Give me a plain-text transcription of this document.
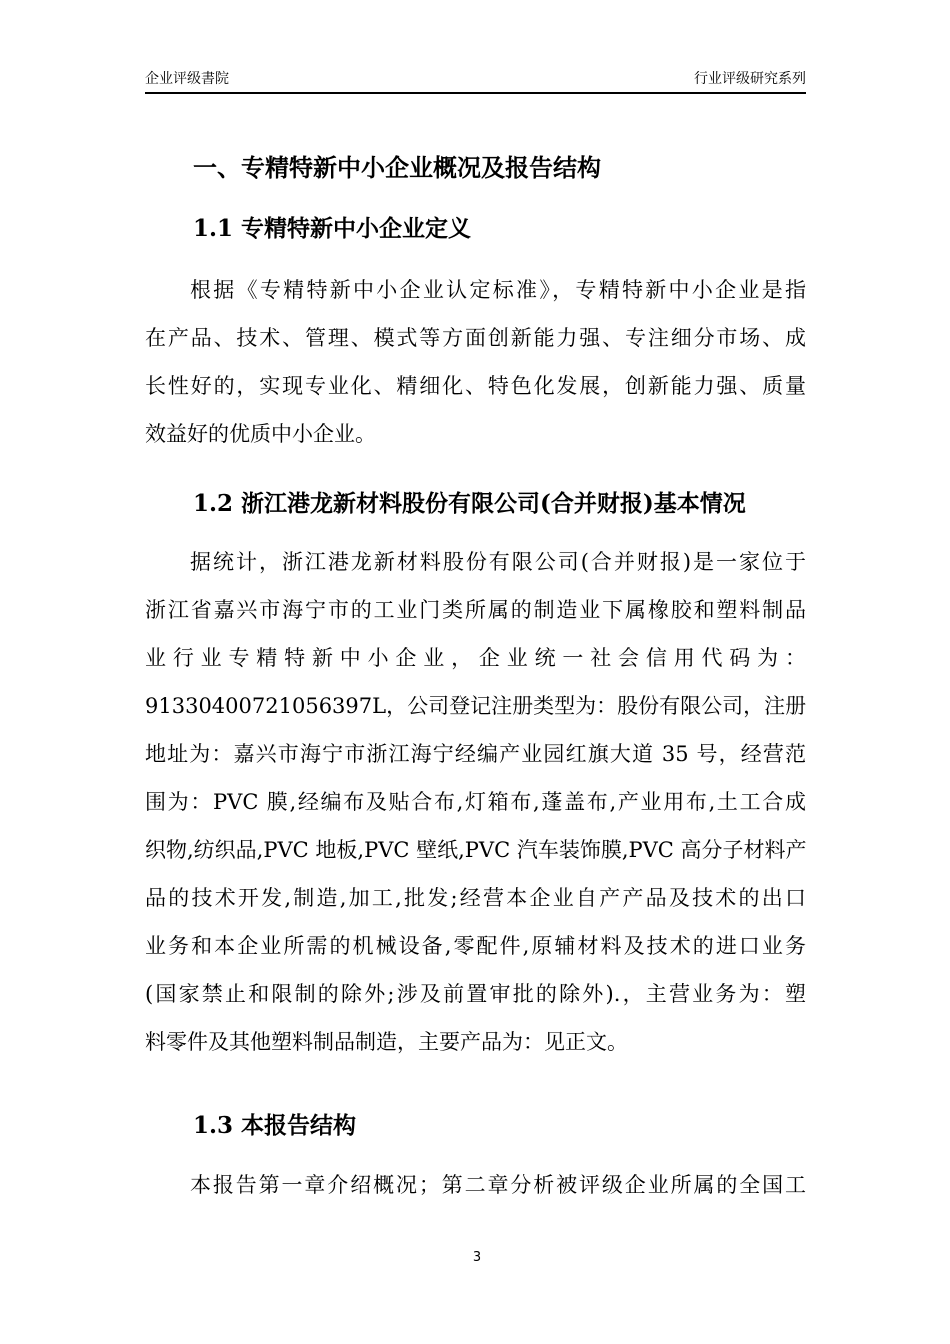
企业评级書院	行业评级研究系列
一、专精特新中小企业概况及报告结构
1.1 专精特新中小企业定义
根据《专精特新中小企业认定标准》，专精特新中小企业是指
在产品、技术、管理、模式等方面创新能力强、专注细分市场、成
长性好的，实现专业化、精细化、特色化发展，创新能力强、质量
效益好的优质中小企业。
1.2 浙江港龙新材料股份有限公司(合并财报)基本情况
据统计，浙江港龙新材料股份有限公司(合并财报)是一家位于
浙江省嘉兴市海宁市的工业门类所属的制造业下属橡胶和塑料制品
业行业专精特新中小企业，企业统一社会信用代码为：
91330400721056397L，公司登记注册类型为：股份有限公司，注册
地址为：嘉兴市海宁市浙江海宁经编产业园红旗大道 35 号，经营范
围为：PVC 膜,经编布及贴合布,灯箱布,蓬盖布,产业用布,土工合成
织物,纺织品,PVC 地板,PVC 壁纸,PVC 汽车装饰膜,PVC 高分子材料产
品的技术开发,制造,加工,批发;经营本企业自产产品及技术的出口
业务和本企业所需的机械设备,零配件,原辅材料及技术的进口业务
(国家禁止和限制的除外;涉及前置审批的除外).，主营业务为：塑
料零件及其他塑料制品制造，主要产品为：见正文。
1.3 本报告结构
本报告第一章介绍概况；第二章分析被评级企业所属的全国工
3
